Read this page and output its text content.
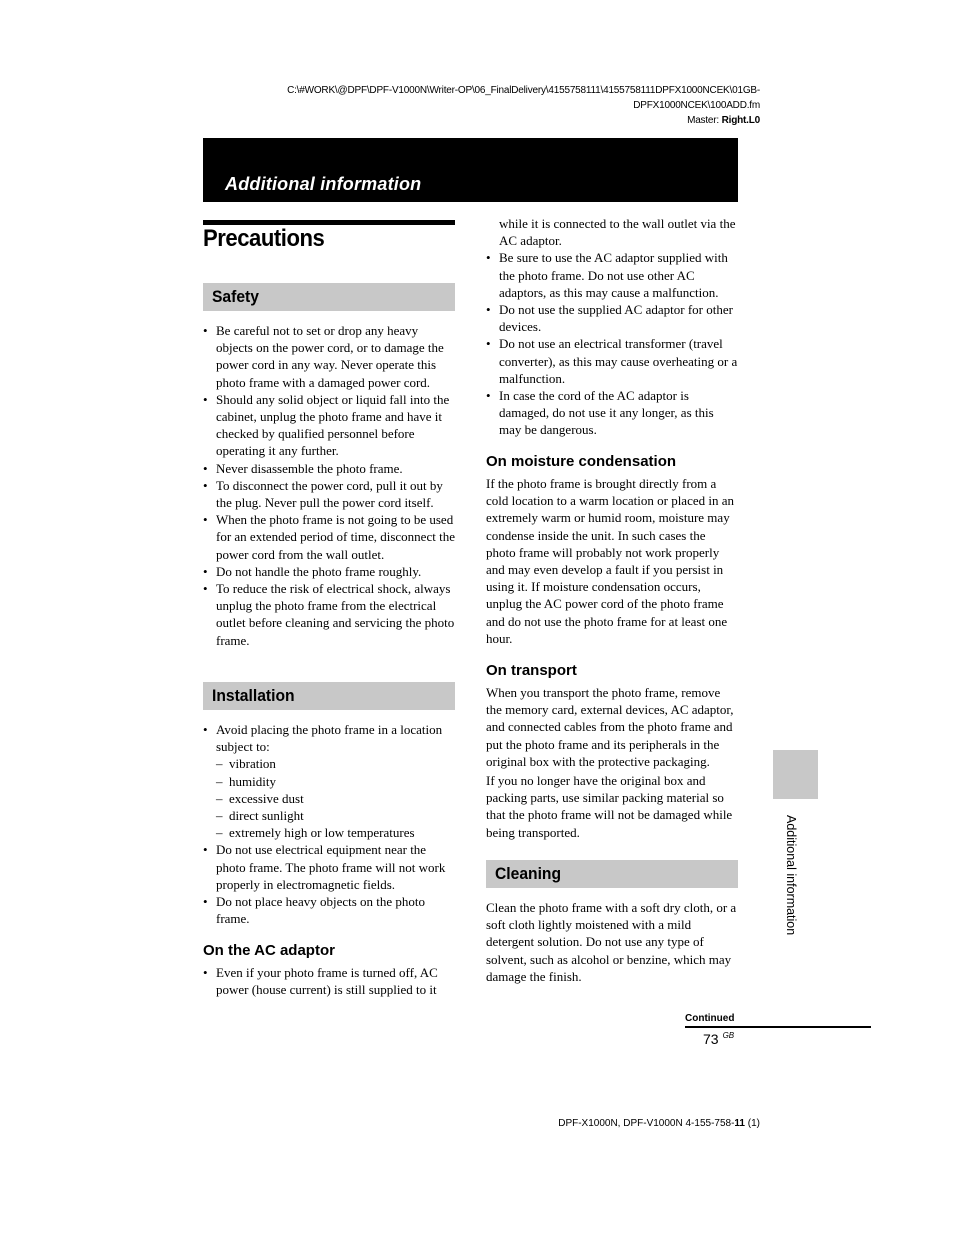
C:\#WORK\@DPF\DPF-V1000N\Writer-OP\06_FinalDelivery\4155758111\4155758111DPFX1000NCEK\01GB-
DPFX1000NCEK\100ADD.fm
Master: Right.L0
Additional information
Precautions
Safety
• Be careful not to set or drop any heavy objects on the power cord, or to damage the power cord in any way. Never operate this photo frame with a damaged power cord.
• Should any solid object or liquid fall into the cabinet, unplug the photo frame and have it checked by qualified personnel before operating it any further.
• Never disassemble the photo frame.
• To disconnect the power cord, pull it out by the plug. Never pull the power cord itself.
• When the photo frame is not going to be used for an extended period of time, disconnect the power cord from the wall outlet.
• Do not handle the photo frame roughly.
• To reduce the risk of electrical shock, always unplug the photo frame from the electrical outlet before cleaning and servicing the photo frame.
Installation
• Avoid placing the photo frame in a location subject to:
– vibration
– humidity
– excessive dust
– direct sunlight
– extremely high or low temperatures
• Do not use electrical equipment near the photo frame. The photo frame will not work properly in electromagnetic fields.
• Do not place heavy objects on the photo frame.
On the AC adaptor
• Even if your photo frame is turned off, AC power (house current) is still supplied to it
while it is connected to the wall outlet via the AC adaptor.
• Be sure to use the AC adaptor supplied with the photo frame. Do not use other AC adaptors, as this may cause a malfunction.
• Do not use the supplied AC adaptor for other devices.
• Do not use an electrical transformer (travel converter), as this may cause overheating or a malfunction.
• In case the cord of the AC adaptor is damaged, do not use it any longer, as this may be dangerous.
On moisture condensation

If the photo frame is brought directly from a cold location to a warm location or placed in an extremely warm or humid room, moisture may condense inside the unit. In such cases the photo frame will probably not work properly and may even develop a fault if you persist in using it. If moisture condensation occurs, unplug the AC power cord of the photo frame and do not use the photo frame for at least one hour.

On transport

When you transport the photo frame, remove the memory card, external devices, AC adaptor, and connected cables from the photo frame and put the photo frame and its peripherals in the original box with the protective packaging.

If you no longer have the original box and packing parts, use similar packing material so that the photo frame will not be damaged while being transported.

Cleaning

Clean the photo frame with a soft dry cloth, or a soft cloth lightly moistened with a mild detergent solution. Do not use any type of solvent, such as alcohol or benzine, which may damage the finish.

Additional information
Continued
73 $^{GB}$
DPF-X1000N, DPF-V1000N 4-155-758-11 (1)
